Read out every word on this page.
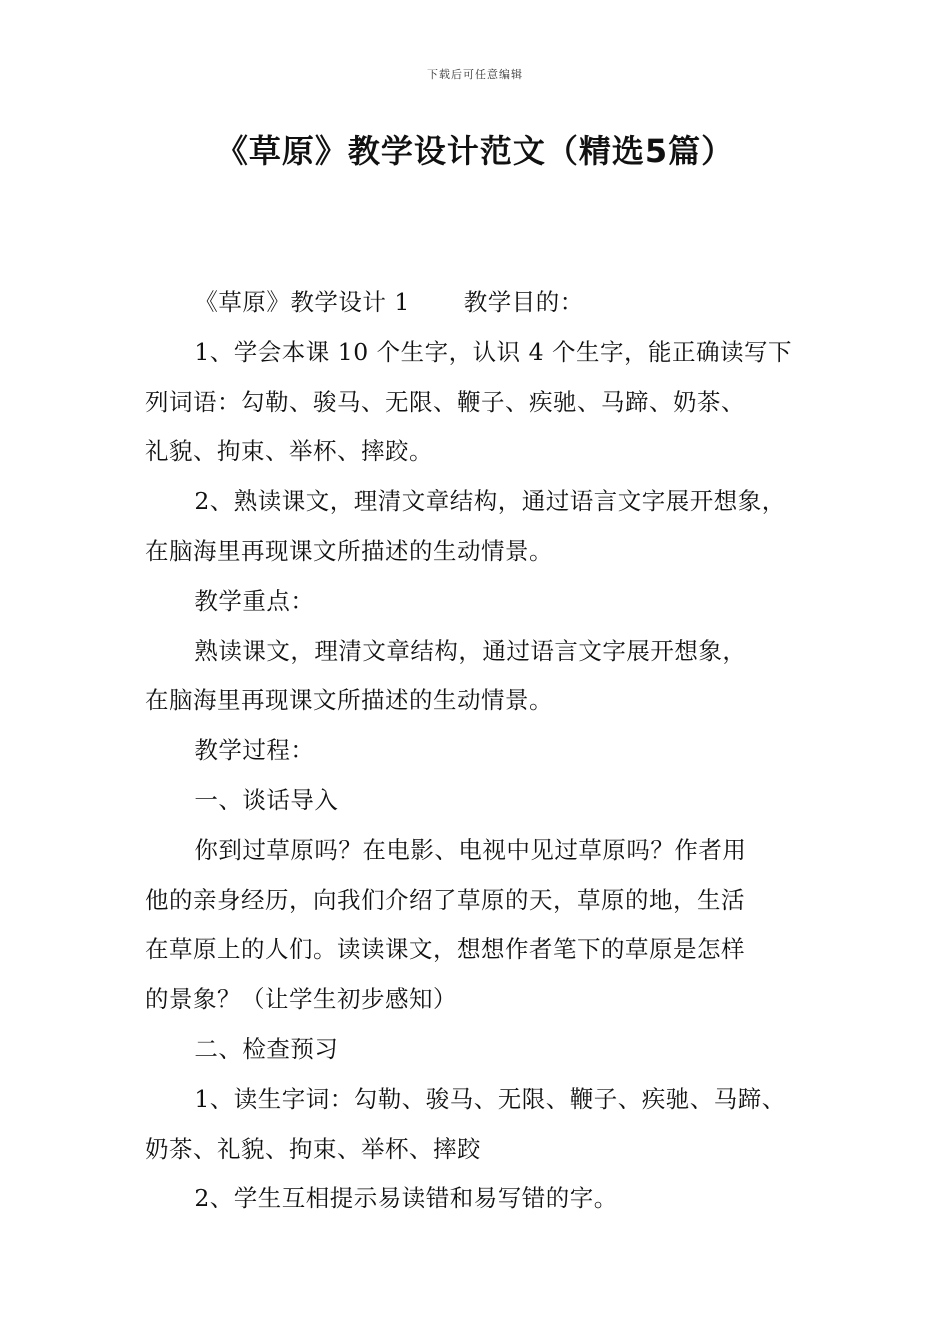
下载后可任意编辑
《草原》教学设计范文（精选5篇）

《草原》教学设计 1 教学目的：

1、学会本课 10 个生字，认识 4 个生字，能正确读写下

列词语：勾勒、骏马、无限、鞭子、疾驰、马蹄、奶茶、

礼貌、拘束、举杯、摔跤。

2、熟读课文，理清文章结构，通过语言文字展开想象，

在脑海里再现课文所描述的生动情景。

教学重点：

熟读课文，理清文章结构，通过语言文字展开想象，

在脑海里再现课文所描述的生动情景。

教学过程：

一、谈话导入

你到过草原吗？在电影、电视中见过草原吗？作者用

他的亲身经历，向我们介绍了草原的天，草原的地，生活

在草原上的人们。读读课文，想想作者笔下的草原是怎样

的景象？（让学生初步感知）

二、检查预习

1、读生字词：勾勒、骏马、无限、鞭子、疾驰、马蹄、

奶茶、礼貌、拘束、举杯、摔跤

2、学生互相提示易读错和易写错的字。
